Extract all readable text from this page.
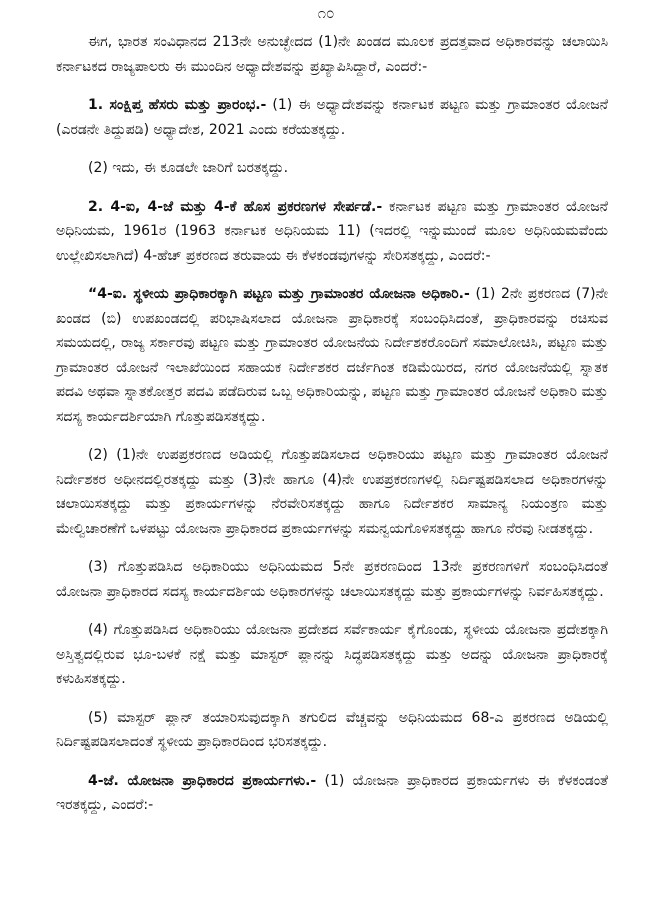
೧೦

ಈಗ, ಭಾರತ ಸಂವಿಧಾನದ 213ನೇ ಅನುಚ್ಛೇದದ (1)ನೇ ಖಂಡದ ಮೂಲಕ ಪ್ರದತ್ತವಾದ ಅಧಿಕಾರವನ್ನು ಚಲಾಯಿಸಿ ಕರ್ನಾಟಕದ ರಾಜ್ಯಪಾಲರು ಈ ಮುಂದಿನ ಅಧ್ಯಾದೇಶವನ್ನು ಪ್ರಖ್ಯಾಪಿಸಿದ್ದಾರೆ, ಎಂದರೆ:-

1. ಸಂಕ್ಷಿಪ್ತ ಹೆಸರು ಮತ್ತು ಪ್ರಾರಂಭ.- (1) ಈ ಅಧ್ಯಾದೇಶವನ್ನು ಕರ್ನಾಟಕ ಪಟ್ಟಣ ಮತ್ತು ಗ್ರಾಮಾಂತರ ಯೋಜನೆ (ಎರಡನೇ ತಿದ್ದುಪಡಿ) ಅಧ್ಯಾದೇಶ, 2021 ಎಂದು ಕರೆಯತಕ್ಕದ್ದು.

(2) ಇದು, ಈ ಕೂಡಲೇ ಜಾರಿಗೆ ಬರತಕ್ಕದ್ದು.

2. 4-ಐ, 4-ಜೆ ಮತ್ತು 4-ಕೆ ಹೊಸ ಪ್ರಕರಣಗಳ ಸೇರ್ಪಡೆ.- ಕರ್ನಾಟಕ ಪಟ್ಟಣ ಮತ್ತು ಗ್ರಾಮಾಂತರ ಯೋಜನೆ ಅಧಿನಿಯಮ, 1961ರ (1963 ಕರ್ನಾಟಕ ಅಧಿನಿಯಮ 11) (ಇದರಲ್ಲಿ ಇನ್ನುಮುಂದೆ ಮೂಲ ಅಧಿನಿಯಮವೆಂದು ಉಲ್ಲೇಖಿಸಲಾಗಿದೆ) 4-ಹೆಚ್ ಪ್ರಕರಣದ ತರುವಾಯ ಈ ಕೆಳಕಂಡವುಗಳನ್ನು ಸೇರಿಸತಕ್ಕದ್ದು, ಎಂದರೆ:-

“4-ಐ. ಸ್ಥಳೀಯ ಪ್ರಾಧಿಕಾರಕ್ಕಾಗಿ ಪಟ್ಟಣ ಮತ್ತು ಗ್ರಾಮಾಂತರ ಯೋಜನಾ ಅಧಿಕಾರಿ.- (1) 2ನೇ ಪ್ರಕರಣದ (7)ನೇ ಖಂಡದ (ಬಿ) ಉಪಖಂಡದಲ್ಲಿ ಪರಿಭಾಷಿಸಲಾದ ಯೋಜನಾ ಪ್ರಾಧಿಕಾರಕ್ಕೆ ಸಂಬಂಧಿಸಿದಂತೆ, ಪ್ರಾಧಿಕಾರವನ್ನು ರಚಿಸುವ ಸಮಯದಲ್ಲಿ, ರಾಜ್ಯ ಸರ್ಕಾರವು ಪಟ್ಟಣ ಮತ್ತು ಗ್ರಾಮಾಂತರ ಯೋಜನೆಯ ನಿರ್ದೇಶಕರೊಂದಿಗೆ ಸಮಾಲೋಚಿಸಿ, ಪಟ್ಟಣ ಮತ್ತು ಗ್ರಾಮಾಂತರ ಯೋಜನೆ ಇಲಾಖೆಯಿಂದ ಸಹಾಯಕ ನಿರ್ದೇಶಕರ ದರ್ಜೆಗಿಂತ ಕಡಿಮೆಯಿರದ, ನಗರ ಯೋಜನೆಯಲ್ಲಿ ಸ್ನಾತಕ ಪದವಿ ಅಥವಾ ಸ್ನಾತಕೋತ್ತರ ಪದವಿ ಪಡೆದಿರುವ ಒಬ್ಬ ಅಧಿಕಾರಿಯನ್ನು, ಪಟ್ಟಣ ಮತ್ತು ಗ್ರಾಮಾಂತರ ಯೋಜನೆ ಅಧಿಕಾರಿ ಮತ್ತು ಸದಸ್ಯ ಕಾರ್ಯದರ್ಶಿಯಾಗಿ ಗೊತ್ತುಪಡಿಸತಕ್ಕದ್ದು.

(2) (1)ನೇ ಉಪಪ್ರಕರಣದ ಅಡಿಯಲ್ಲಿ ಗೊತ್ತುಪಡಿಸಲಾದ ಅಧಿಕಾರಿಯು ಪಟ್ಟಣ ಮತ್ತು ಗ್ರಾಮಾಂತರ ಯೋಜನೆ ನಿರ್ದೇಶಕರ ಅಧೀನದಲ್ಲಿರತಕ್ಕದ್ದು ಮತ್ತು (3)ನೇ ಹಾಗೂ (4)ನೇ ಉಪಪ್ರಕರಣಗಳಲ್ಲಿ ನಿರ್ದಿಷ್ಟಪಡಿಸಲಾದ ಅಧಿಕಾರಗಳನ್ನು ಚಲಾಯಿಸತಕ್ಕದ್ದು ಮತ್ತು ಪ್ರಕಾರ್ಯಗಳನ್ನು ನೆರವೇರಿಸತಕ್ಕದ್ದು ಹಾಗೂ ನಿರ್ದೇಶಕರ ಸಾಮಾನ್ಯ ನಿಯಂತ್ರಣ ಮತ್ತು ಮೇಲ್ವಿಚಾರಣೆಗೆ ಒಳಪಟ್ಟು ಯೋಜನಾ ಪ್ರಾಧಿಕಾರದ ಪ್ರಕಾರ್ಯಗಳನ್ನು ಸಮನ್ವಯಗೊಳಿಸತಕ್ಕದ್ದು ಹಾಗೂ ನೆರವು ನೀಡತಕ್ಕದ್ದು.

(3) ಗೊತ್ತುಪಡಿಸಿದ ಅಧಿಕಾರಿಯು ಅಧಿನಿಯಮದ 5ನೇ ಪ್ರಕರಣದಿಂದ 13ನೇ ಪ್ರಕರಣಗಳಿಗೆ ಸಂಬಂಧಿಸಿದಂತೆ ಯೋಜನಾ ಪ್ರಾಧಿಕಾರದ ಸದಸ್ಯ ಕಾರ್ಯದರ್ಶಿಯ ಅಧಿಕಾರಗಳನ್ನು ಚಲಾಯಿಸತಕ್ಕದ್ದು ಮತ್ತು ಪ್ರಕಾರ್ಯಗಳನ್ನು ನಿರ್ವಹಿಸತಕ್ಕದ್ದು.

(4) ಗೊತ್ತುಪಡಿಸಿದ ಅಧಿಕಾರಿಯು ಯೋಜನಾ ಪ್ರದೇಶದ ಸರ್ವೆಕಾರ್ಯ ಕೈಗೊಂಡು, ಸ್ಥಳೀಯ ಯೋಜನಾ ಪ್ರದೇಶಕ್ಕಾಗಿ ಅಸ್ತಿತ್ವದಲ್ಲಿರುವ ಭೂ-ಬಳಕೆ ನಕ್ಷೆ ಮತ್ತು ಮಾಸ್ಟರ್ ಪ್ಲಾನನ್ನು ಸಿದ್ಧಪಡಿಸತಕ್ಕದ್ದು ಮತ್ತು ಅದನ್ನು ಯೋಜನಾ ಪ್ರಾಧಿಕಾರಕ್ಕೆ ಕಳುಹಿಸತಕ್ಕದ್ದು.

(5) ಮಾಸ್ಟರ್ ಪ್ಲಾನ್ ತಯಾರಿಸುವುದಕ್ಕಾಗಿ ತಗುಲಿದ ವೆಚ್ಚವನ್ನು ಅಧಿನಿಯಮದ 68-ಎ ಪ್ರಕರಣದ ಅಡಿಯಲ್ಲಿ ನಿರ್ದಿಷ್ಟಪಡಿಸಲಾದಂತೆ ಸ್ಥಳೀಯ ಪ್ರಾಧಿಕಾರದಿಂದ ಭರಿಸತಕ್ಕದ್ದು.

4-ಜೆ. ಯೋಜನಾ ಪ್ರಾಧಿಕಾರದ ಪ್ರಕಾರ್ಯಗಳು.- (1) ಯೋಜನಾ ಪ್ರಾಧಿಕಾರದ ಪ್ರಕಾರ್ಯಗಳು ಈ ಕೆಳಕಂಡಂತೆ ಇರತಕ್ಕದ್ದು, ಎಂದರೆ:-
